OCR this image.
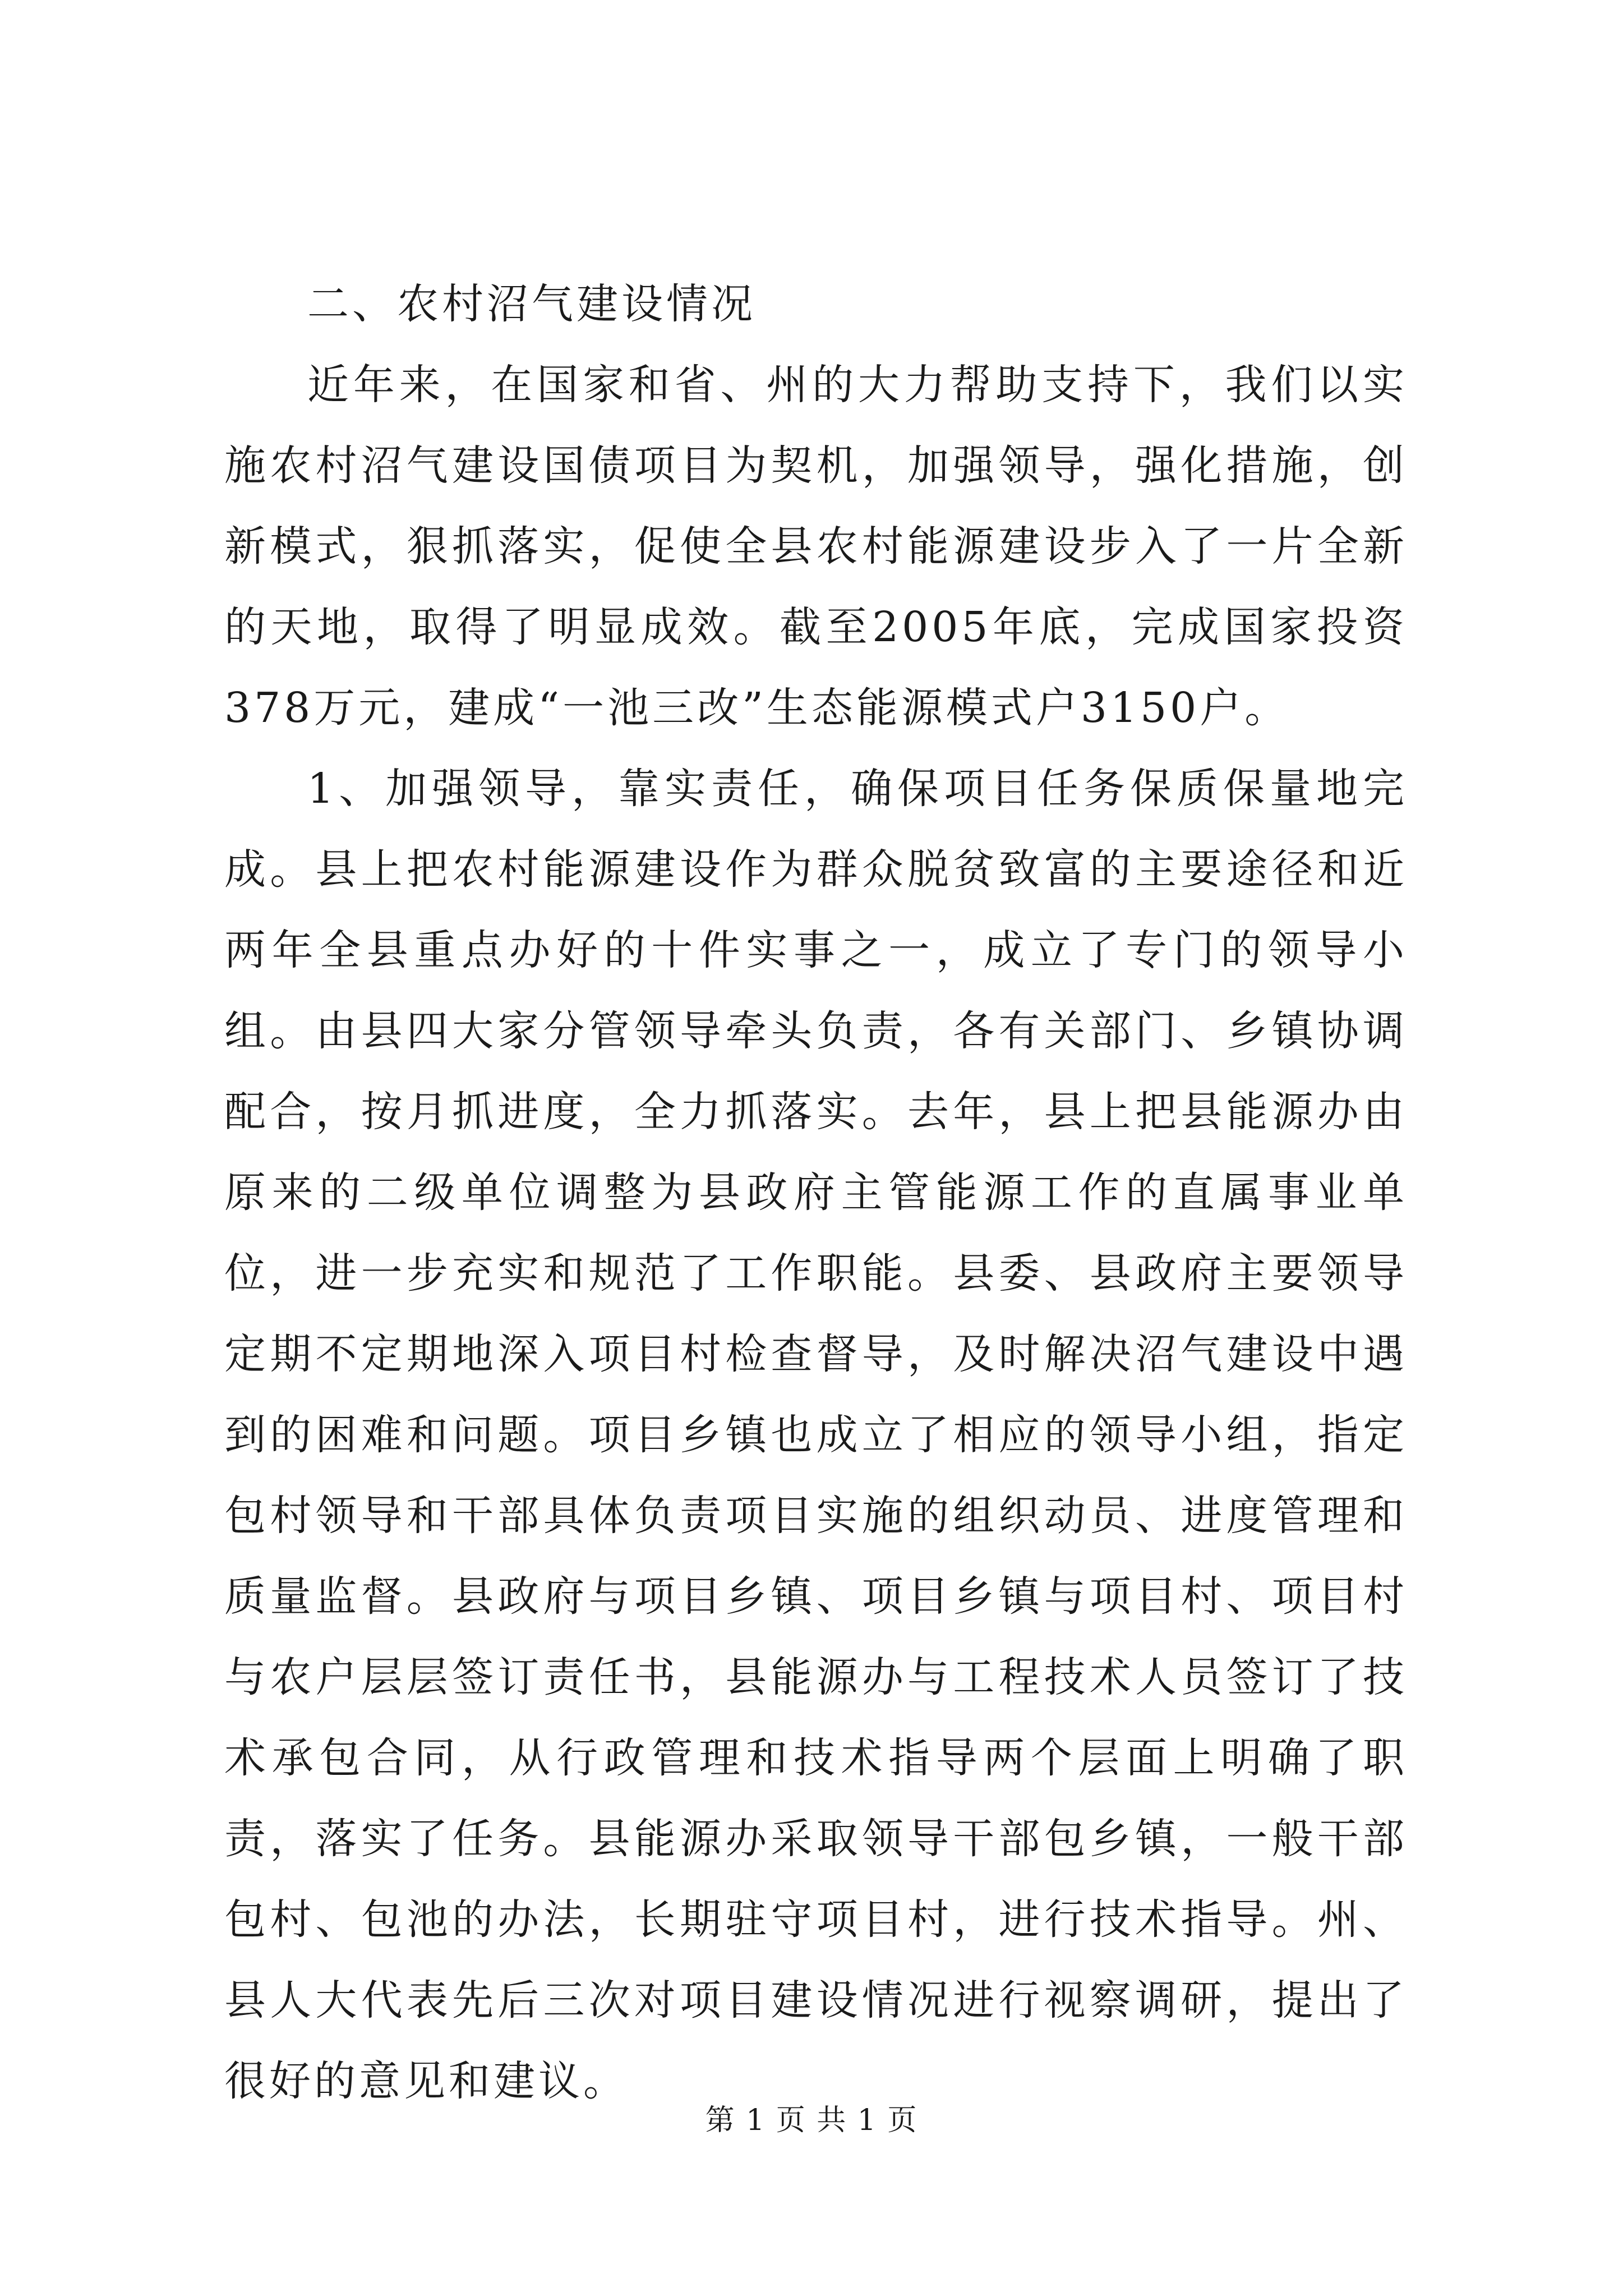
二、农村沼气建设情况

近年来，在国家和省、州的大力帮助支持下，我们以实施农村沼气建设国债项目为契机，加强领导，强化措施，创新模式，狠抓落实，促使全县农村能源建设步入了一片全新的天地，取得了明显成效。截至2005年底，完成国家投资378万元，建成“一池三改”生态能源模式户3150户。

1、加强领导，靠实责任，确保项目任务保质保量地完成。县上把农村能源建设作为群众脱贫致富的主要途径和近两年全县重点办好的十件实事之一，成立了专门的领导小组。由县四大家分管领导牵头负责，各有关部门、乡镇协调配合，按月抓进度，全力抓落实。去年，县上把县能源办由原来的二级单位调整为县政府主管能源工作的直属事业单位，进一步充实和规范了工作职能。县委、县政府主要领导定期不定期地深入项目村检查督导，及时解决沼气建设中遇到的困难和问题。项目乡镇也成立了相应的领导小组，指定包村领导和干部具体负责项目实施的组织动员、进度管理和质量监督。县政府与项目乡镇、项目乡镇与项目村、项目村与农户层层签订责任书，县能源办与工程技术人员签订了技术承包合同，从行政管理和技术指导两个层面上明确了职责，落实了任务。县能源办采取领导干部包乡镇，一般干部包村、包池的办法，长期驻守项目村，进行技术指导。州、县人大代表先后三次对项目建设情况进行视察调研，提出了很好的意见和建议。

第 1 页 共 1 页
